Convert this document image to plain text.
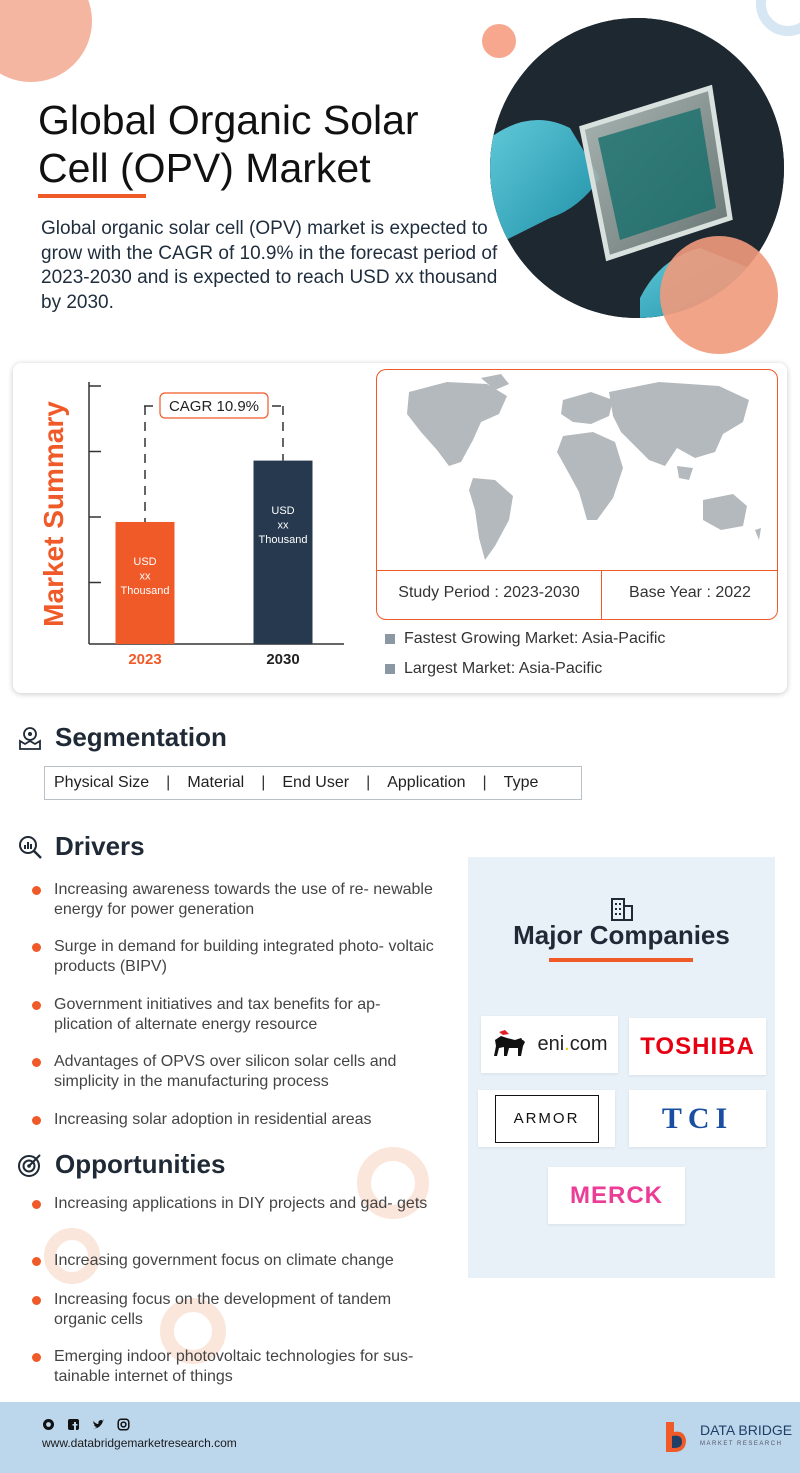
Global Organic Solar Cell (OPV) Market
Global organic solar cell (OPV) market is expected to grow with the CAGR of 10.9% in the forecast period of 2023-2030 and is expected to reach USD xx thousand by 2030.
Market Summary	CAGR 10.9%
USD
xx
Thousand
USD
xx
Thousand
2023	2030
Study Period : 2023-2030	Base Year : 2022
Fastest Growing Market: Asia-Pacific
Largest Market: Asia-Pacific
Segmentation
Physical Size | Material | End User | Application | Type
Drivers
Increasing awareness towards the use of re- newable energy for power generation
Surge in demand for building integrated photo- voltaic products (BIPV)
Government initiatives and tax benefits for ap- plication of alternate energy resource
Advantages of OPVS over silicon solar cells and simplicity in the manufacturing process
Increasing solar adoption in residential areas
Opportunities
Increasing applications in DIY projects and gad- gets
Increasing government focus on climate change
Increasing focus on the development of tandem organic cells
Emerging indoor photovoltaic technologies for sus- tainable internet of things
Major Companies
eni.com TOSHIBA
ARMOR	TCI
MERCK
www.databridgemarketresearch.com
DATA BRIDGE
MARKET RESEARCH
